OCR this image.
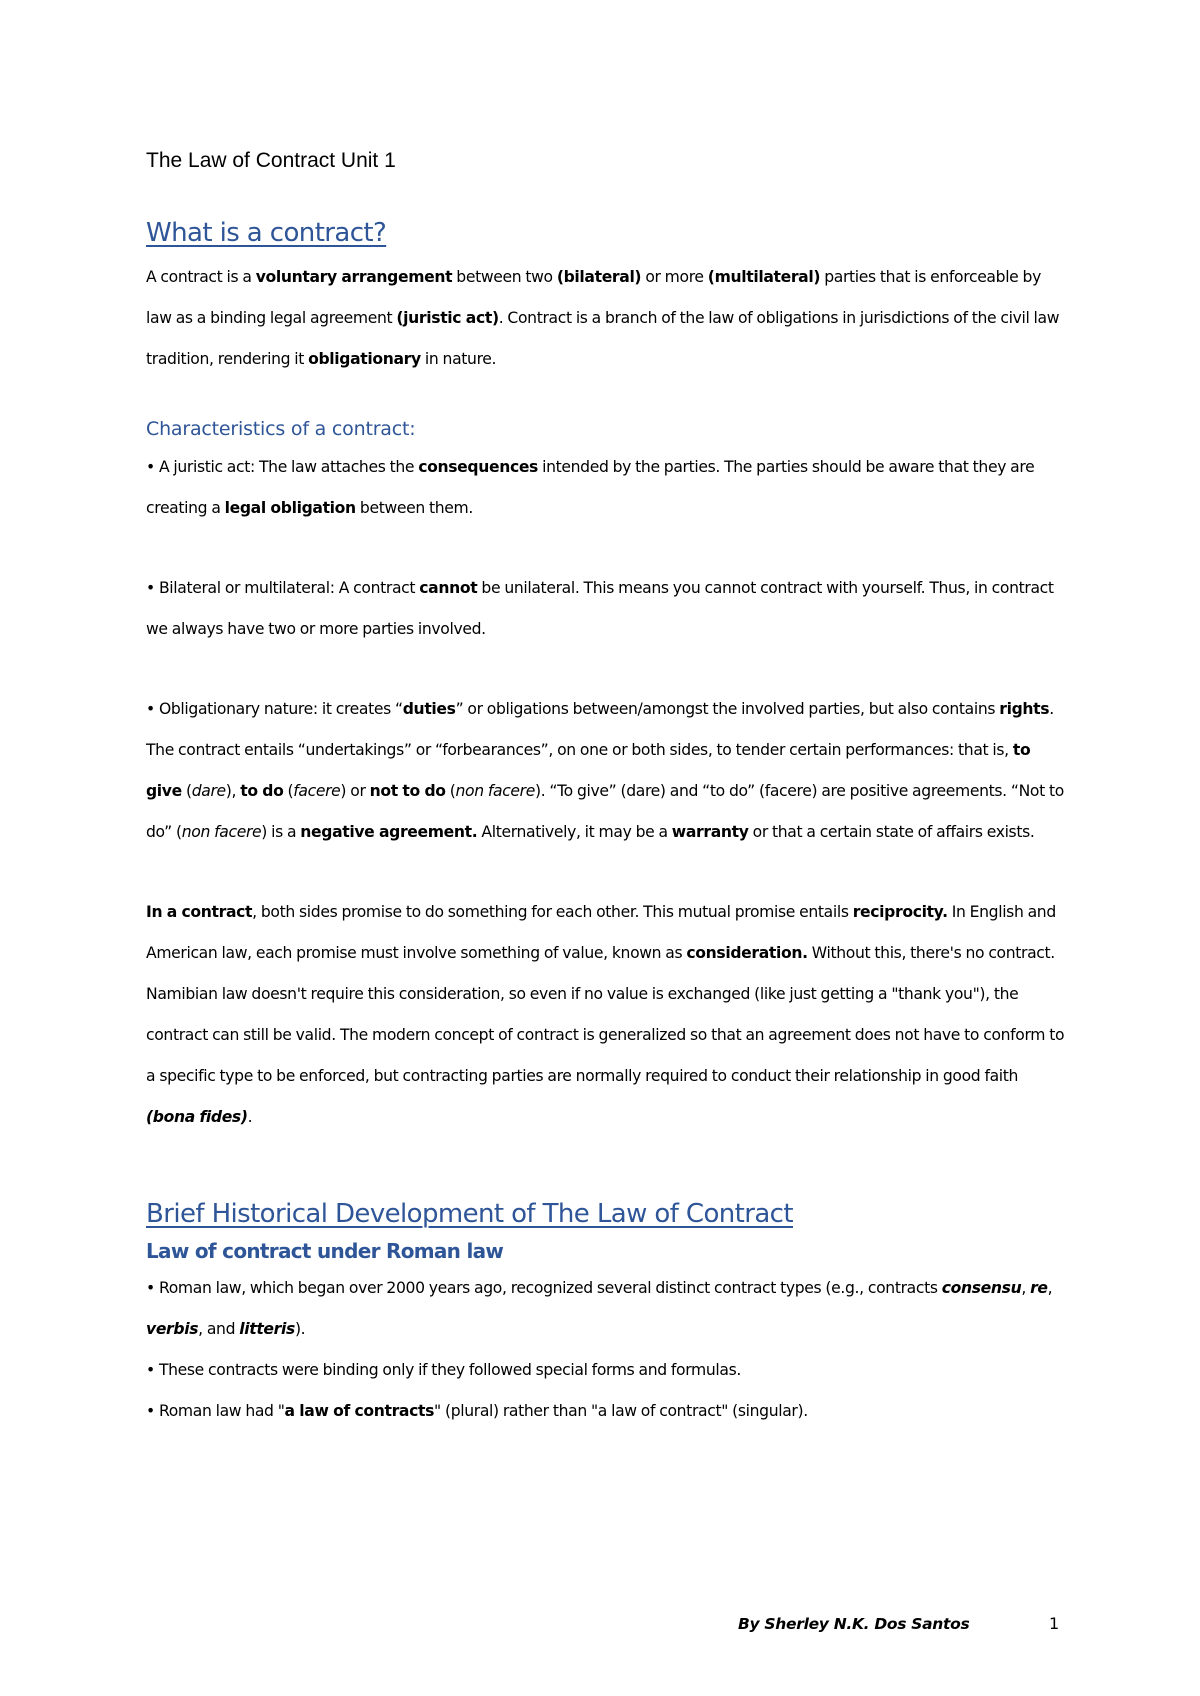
The Law of Contract Unit 1
What is a contract?

A contract is a voluntary arrangement between two (bilateral) or more (multilateral) parties that is enforceable by law as a binding legal agreement (juristic act). Contract is a branch of the law of obligations in jurisdictions of the civil law tradition, rendering it obligationary in nature.

Characteristics of a contract:

• A juristic act: The law attaches the consequences intended by the parties. The parties should be aware that they are creating a legal obligation between them.

• Bilateral or multilateral: A contract cannot be unilateral. This means you cannot contract with yourself. Thus, in contract we always have two or more parties involved.

• Obligationary nature: it creates “duties” or obligations between/amongst the involved parties, but also contains rights. The contract entails “undertakings” or “forbearances”, on one or both sides, to tender certain performances: that is, to give (dare), to do (facere) or not to do (non facere). “To give” (dare) and “to do” (facere) are positive agreements. “Not to do” (non facere) is a negative agreement. Alternatively, it may be a warranty or that a certain state of affairs exists.

In a contract, both sides promise to do something for each other. This mutual promise entails reciprocity. In English and American law, each promise must involve something of value, known as consideration. Without this, there's no contract. Namibian law doesn't require this consideration, so even if no value is exchanged (like just getting a "thank you"), the contract can still be valid. The modern concept of contract is generalized so that an agreement does not have to conform to a specific type to be enforced, but contracting parties are normally required to conduct their relationship in good faith (bona fides).

Brief Historical Development of The Law of Contract
Law of contract under Roman law

• Roman law, which began over 2000 years ago, recognized several distinct contract types (e.g., contracts consensu, re, verbis, and litteris).

• These contracts were binding only if they followed special forms and formulas.

• Roman law had "a law of contracts" (plural) rather than "a law of contract" (singular).

By Sherley N.K. Dos Santos	1
